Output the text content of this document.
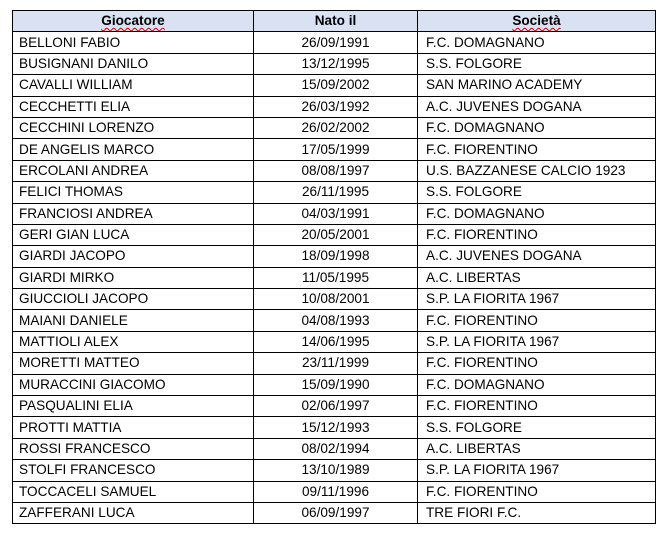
Giocatore	Nato il	Società
BELLONI FABIO	26/09/1991	F.C. DOMAGNANO
BUSIGNANI DANILO	13/12/1995	S.S. FOLGORE
CAVALLI WILLIAM	15/09/2002	SAN MARINO ACADEMY
CECCHETTI ELIA	26/03/1992	A.C. JUVENES DOGANA
CECCHINI LORENZO	26/02/2002	F.C. DOMAGNANO
DE ANGELIS MARCO	17/05/1999	F.C. FIORENTINO
ERCOLANI ANDREA	08/08/1997	U.S. BAZZANESE CALCIO 1923
FELICI THOMAS	26/11/1995	S.S. FOLGORE
FRANCIOSI ANDREA	04/03/1991	F.C. DOMAGNANO
GERI GIAN LUCA	20/05/2001	F.C. FIORENTINO
GIARDI JACOPO	18/09/1998	A.C. JUVENES DOGANA
GIARDI MIRKO	11/05/1995	A.C. LIBERTAS
GIUCCIOLI JACOPO	10/08/2001	S.P. LA FIORITA 1967
MAIANI DANIELE	04/08/1993	F.C. FIORENTINO
MATTIOLI ALEX	14/06/1995	S.P. LA FIORITA 1967
MORETTI MATTEO	23/11/1999	F.C. FIORENTINO
MURACCINI GIACOMO	15/09/1990	F.C. DOMAGNANO
PASQUALINI ELIA	02/06/1997	F.C. FIORENTINO
PROTTI MATTIA	15/12/1993	S.S. FOLGORE
ROSSI FRANCESCO	08/02/1994	A.C. LIBERTAS
STOLFI FRANCESCO	13/10/1989	S.P. LA FIORITA 1967
TOCCACELI SAMUEL	09/11/1996	F.C. FIORENTINO
ZAFFERANI LUCA	06/09/1997	TRE FIORI F.C.
